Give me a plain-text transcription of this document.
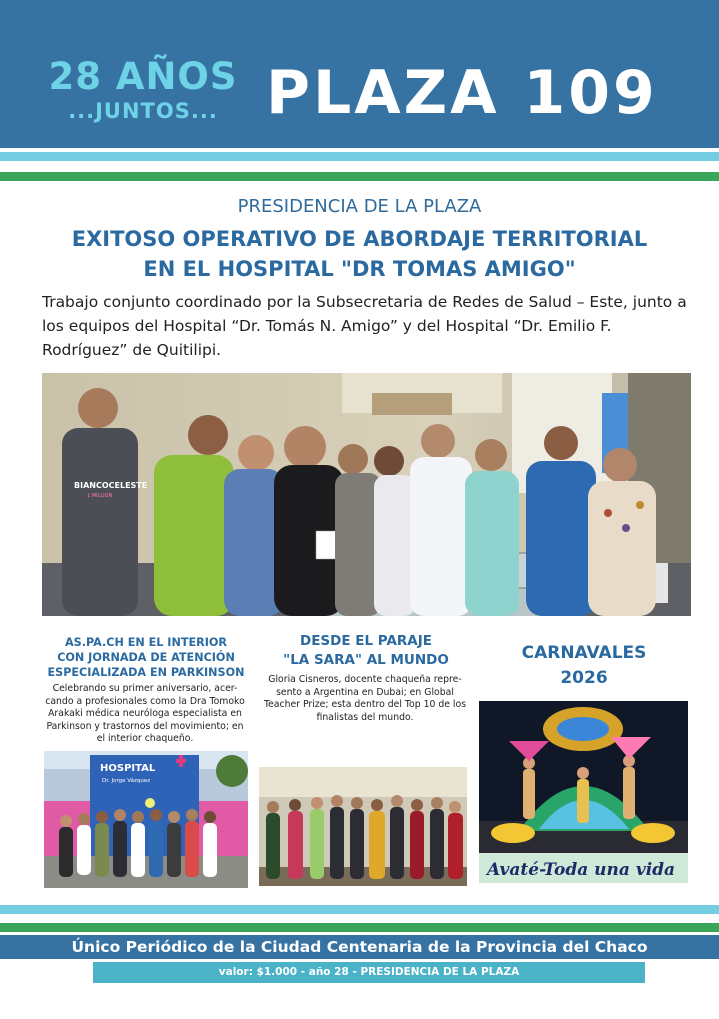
28 AÑOS
...JUNTOS... PLAZA 109
PRESIDENCIA DE LA PLAZA
EXITOSO OPERATIVO DE ABORDAJE TERRITORIAL
EN EL HOSPITAL "DR TOMAS AMIGO"
Trabajo conjunto coordinado por la Subsecretaria de Redes de Salud – Este, junto a los equipos del Hospital “Dr. Tomás N. Amigo” y del Hospital “Dr. Emilio F. Rodríguez” de Quitilipi.
BIANCOCELESTE
1 MILLION
AS.PA.CH EN EL INTERIOR
CON JORNADA DE ATENCIÓN
ESPECIALIZADA EN PARKINSON
Celebrando su primer aniversario, acer-cando a profesionales como la Dra Tomoko Arakaki médica neuróloga especialista en Parkinson y trastornos del movimiento; en el interior chaqueño.
HOSPITAL
Dr. Jorge Vázquez
DESDE EL PARAJE
"LA SARA" AL MUNDO
Gloria Cisneros, docente chaqueña repre-sento a Argentina en Dubai; en Global Teacher Prize; esta dentro del Top 10 de los finalistas del mundo.
CARNAVALES
2026
Avaté-Toda una vida
Único Periódico de la Ciudad Centenaria de la Provincia del Chaco
valor: $1.000 - año 28 - PRESIDENCIA DE LA PLAZA
